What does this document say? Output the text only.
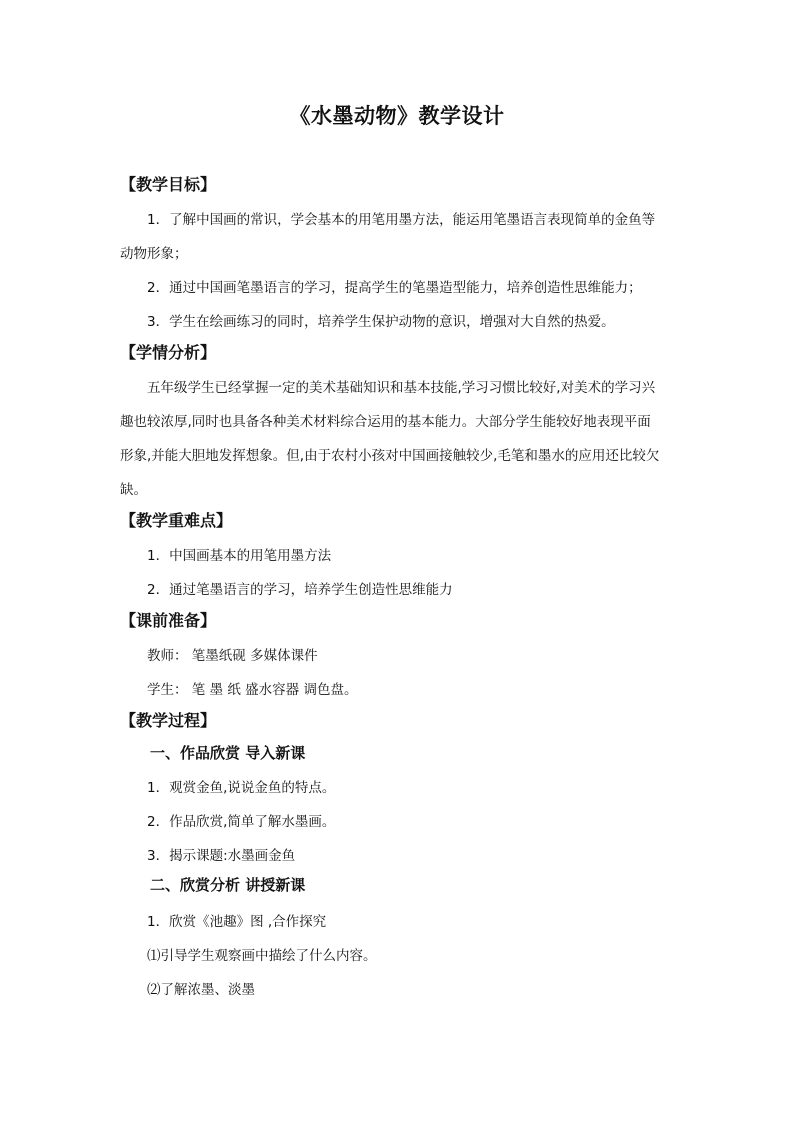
《水墨动物》教学设计
【教学目标】
1．了解中国画的常识，学会基本的用笔用墨方法，能运用笔墨语言表现简单的金鱼等
动物形象；
2．通过中国画笔墨语言的学习，提高学生的笔墨造型能力，培养创造性思维能力；
3．学生在绘画练习的同时，培养学生保护动物的意识，增强对大自然的热爱。
【学情分析】
五年级学生已经掌握一定的美术基础知识和基本技能,学习习惯比较好,对美术的学习兴
趣也较浓厚,同时也具备各种美术材料综合运用的基本能力。大部分学生能较好地表现平面
形象,并能大胆地发挥想象。但,由于农村小孩对中国画接触较少,毛笔和墨水的应用还比较欠
缺。
【教学重难点】
1．中国画基本的用笔用墨方法
2．通过笔墨语言的学习，培养学生创造性思维能力
【课前准备】
教师： 笔墨纸砚 多媒体课件
学生： 笔 墨 纸 盛水容器 调色盘。
【教学过程】
一、作品欣赏 导入新课
1．观赏金鱼,说说金鱼的特点。
2．作品欣赏,简单了解水墨画。
3．揭示课题:水墨画金鱼
二、欣赏分析 讲授新课
1．欣赏《池趣》图 ,合作探究
⑴引导学生观察画中描绘了什么内容。
⑵了解浓墨、淡墨
